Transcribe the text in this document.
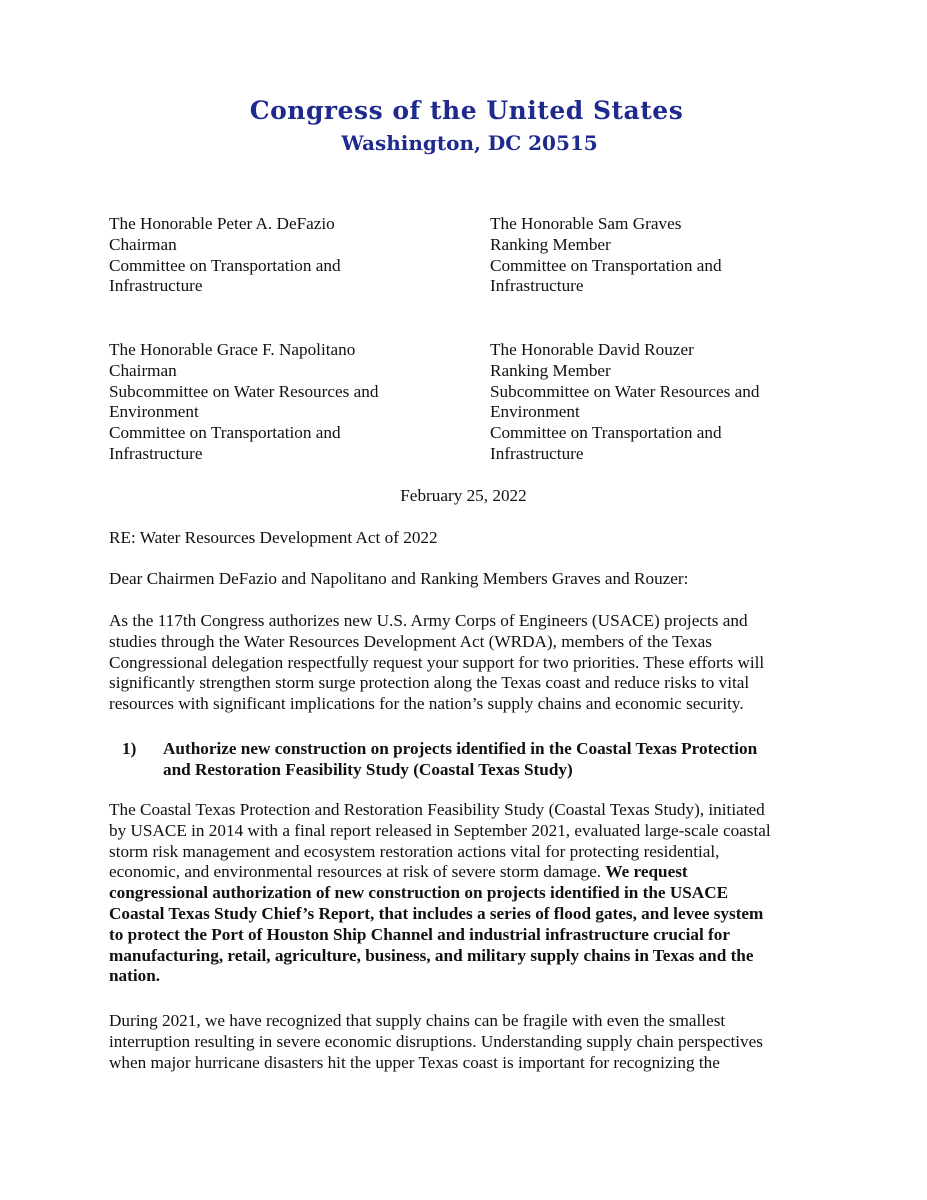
Congress of the United States
Washington, DC 20515
The Honorable Peter A. DeFazio
Chairman
Committee on Transportation and
Infrastructure
The Honorable Sam Graves
Ranking Member
Committee on Transportation and
Infrastructure
The Honorable Grace F. Napolitano
Chairman
Subcommittee on Water Resources and
Environment
Committee on Transportation and
Infrastructure
The Honorable David Rouzer
Ranking Member
Subcommittee on Water Resources and
Environment
Committee on Transportation and
Infrastructure
February 25, 2022
RE: Water Resources Development Act of 2022
Dear Chairmen DeFazio and Napolitano and Ranking Members Graves and Rouzer:
As the 117th Congress authorizes new U.S. Army Corps of Engineers (USACE) projects and
studies through the Water Resources Development Act (WRDA), members of the Texas
Congressional delegation respectfully request your support for two priorities. These efforts will
significantly strengthen storm surge protection along the Texas coast and reduce risks to vital
resources with significant implications for the nation’s supply chains and economic security.
1) Authorize new construction on projects identified in the Coastal Texas Protection
and Restoration Feasibility Study (Coastal Texas Study)
The Coastal Texas Protection and Restoration Feasibility Study (Coastal Texas Study), initiated
by USACE in 2014 with a final report released in September 2021, evaluated large-scale coastal
storm risk management and ecosystem restoration actions vital for protecting residential,
economic, and environmental resources at risk of severe storm damage. We request
congressional authorization of new construction on projects identified in the USACE
Coastal Texas Study Chief’s Report, that includes a series of flood gates, and levee system
to protect the Port of Houston Ship Channel and industrial infrastructure crucial for
manufacturing, retail, agriculture, business, and military supply chains in Texas and the
nation.
During 2021, we have recognized that supply chains can be fragile with even the smallest
interruption resulting in severe economic disruptions. Understanding supply chain perspectives
when major hurricane disasters hit the upper Texas coast is important for recognizing the
